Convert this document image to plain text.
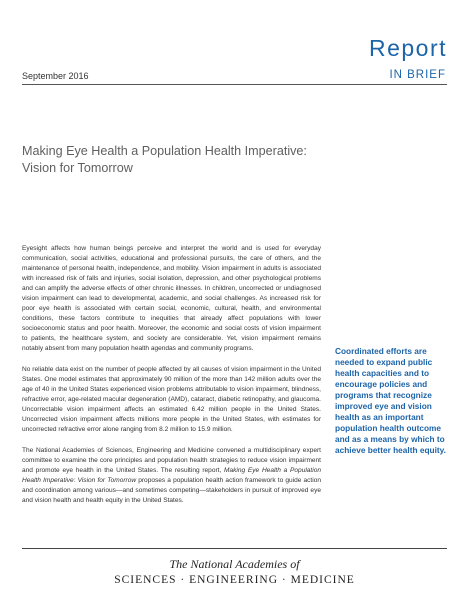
Report
September 2016	IN BRIEF
Making Eye Health a Population Health Imperative:
Vision for Tomorrow

Eyesight affects how human beings perceive and interpret the world and is used for everyday communication, social activities, educational and professional pursuits, the care of others, and the maintenance of personal health, independence, and mobility. Vision impairment in adults is associated with increased risk of falls and injuries, social isolation, depression, and other psychological problems and can amplify the adverse effects of other chronic illnesses. In children, uncorrected or undiagnosed vision impairment can lead to developmental, academic, and social challenges. As increased risk for poor eye health is associated with certain social, economic, cultural, health, and environmental conditions, these factors contribute to inequities that already affect populations with lower socioeconomic status and poor health. Moreover, the economic and social costs of vision impairment to patients, the healthcare system, and society are considerable. Yet, vision impairment remains notably absent from many population health agendas and community programs.

No reliable data exist on the number of people affected by all causes of vision impairment in the United States. One model estimates that approximately 90 million of the more than 142 million adults over the age of 40 in the United States experienced vision problems attributable to vision impairment, blindness, refractive error, age-related macular degeneration (AMD), cataract, diabetic retinopathy, and glaucoma. Uncorrectable vision impairment affects an estimated 6.42 million people in the United States. Uncorrected vision impairment affects millions more people in the United States, with estimates for uncorrected refractive error alone ranging from 8.2 million to 15.9 million.

The National Academies of Sciences, Engineering and Medicine convened a multidisciplinary expert committee to examine the core principles and population health strategies to reduce vision impairment and promote eye health in the United States. The resulting report, Making Eye Health a Population Health Imperative: Vision for Tomorrow proposes a population health action framework to guide action and coordination among various—and sometimes competing—stakeholders in pursuit of improved eye and vision health and health equity in the United States.

Coordinated efforts are needed to expand public health capacities and to encourage policies and programs that recognize improved eye and vision health as an important population health outcome and as a means by which to achieve better health equity.
The National Academies of
SCIENCES · ENGINEERING · MEDICINE
